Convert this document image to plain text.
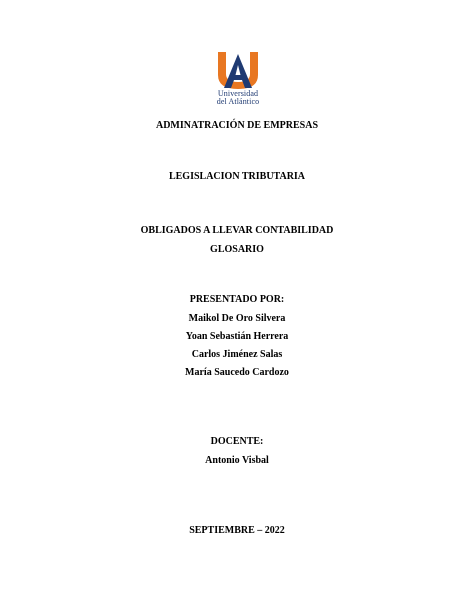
Universidad
del Atlántico
ADMINATRACIÓN DE EMPRESAS
LEGISLACION TRIBUTARIA
OBLIGADOS A LLEVAR CONTABILIDAD
GLOSARIO
PRESENTADO POR:
Maikol De Oro Silvera
Yoan Sebastián Herrera
Carlos Jiménez Salas
María Saucedo Cardozo
DOCENTE:
Antonio Visbal
SEPTIEMBRE – 2022
